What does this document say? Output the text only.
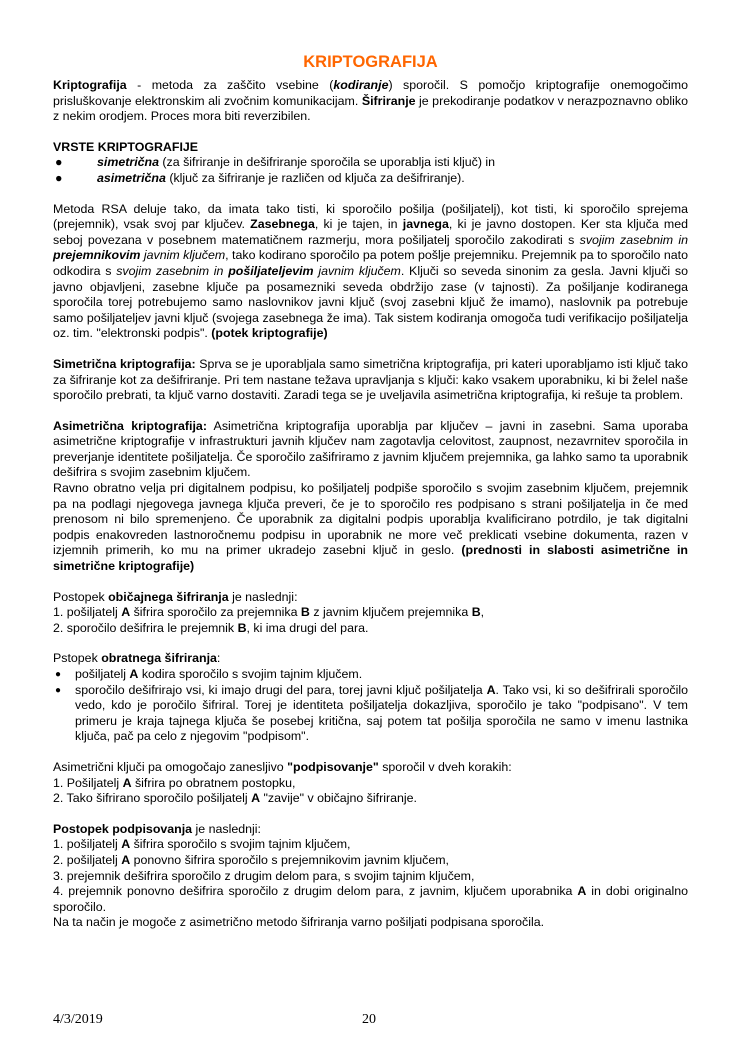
KRIPTOGRAFIJA

Kriptografija - metoda za zaščito vsebine (kodiranje) sporočil. S pomočjo kriptografije onemogočimo prisluškovanje elektronskim ali zvočnim komunikacijam. Šifriranje je prekodiranje podatkov v nerazpoznavno obliko z nekim orodjem. Proces mora biti reverzibilen.

VRSTE KRIPTOGRAFIJE
●	simetrična (za šifriranje in dešifriranje sporočila se uporablja isti ključ) in
●	asimetrična (ključ za šifriranje je različen od ključa za dešifriranje).

Metoda RSA deluje tako, da imata tako tisti, ki sporočilo pošilja (pošiljatelj), kot tisti, ki sporočilo sprejema (prejemnik), vsak svoj par ključev. Zasebnega, ki je tajen, in javnega, ki je javno dostopen. Ker sta ključa med seboj povezana v posebnem matematičnem razmerju, mora pošiljatelj sporočilo zakodirati s svojim zasebnim in prejemnikovim javnim ključem, tako kodirano sporočilo pa potem pošlje prejemniku. Prejemnik pa to sporočilo nato odkodira s svojim zasebnim in pošiljateljevim javnim ključem. Ključi so seveda sinonim za gesla. Javni ključi so javno objavljeni, zasebne ključe pa posamezniki seveda obdržijo zase (v tajnosti). Za pošiljanje kodiranega sporočila torej potrebujemo samo naslovnikov javni ključ (svoj zasebni ključ že imamo), naslovnik pa potrebuje samo pošiljateljev javni ključ (svojega zasebnega že ima). Tak sistem kodiranja omogoča tudi verifikacijo pošiljatelja oz. tim. "elektronski podpis". (potek kriptografije)

Simetrična kriptografija: Sprva se je uporabljala samo simetrična kriptografija, pri kateri uporabljamo isti ključ tako za šifriranje kot za dešifriranje. Pri tem nastane težava upravljanja s ključi: kako vsakem uporabniku, ki bi želel naše sporočilo prebrati, ta ključ varno dostaviti. Zaradi tega se je uveljavila asimetrična kriptografija, ki rešuje ta problem.

Asimetrična kriptografija: Asimetrična kriptografija uporablja par ključev – javni in zasebni. Sama uporaba asimetrične kriptografije v infrastrukturi javnih ključev nam zagotavlja celovitost, zaupnost, nezavrnitev sporočila in preverjanje identitete pošiljatelja. Če sporočilo zašifriramo z javnim ključem prejemnika, ga lahko samo ta uporabnik dešifrira s svojim zasebnim ključem.

Ravno obratno velja pri digitalnem podpisu, ko pošiljatelj podpiše sporočilo s svojim zasebnim ključem, prejemnik pa na podlagi njegovega javnega ključa preveri, če je to sporočilo res podpisano s strani pošiljatelja in če med prenosom ni bilo spremenjeno. Če uporabnik za digitalni podpis uporablja kvalificirano potrdilo, je tak digitalni podpis enakovreden lastnoročnemu podpisu in uporabnik ne more več preklicati vsebine dokumenta, razen v izjemnih primerih, ko mu na primer ukradejo zasebni ključ in geslo. (prednosti in slabosti asimetrične in simetrične kriptografije)

Postopek običajnega šifriranja je naslednji:
1. pošiljatelj A šifrira sporočilo za prejemnika B z javnim ključem prejemnika B,
2. sporočilo dešifrira le prejemnik B, ki ima drugi del para.
Pstopek obratnega šifriranja:
● pošiljatelj A kodira sporočilo s svojim tajnim ključem.
● sporočilo dešifrirajo vsi, ki imajo drugi del para, torej javni ključ pošiljatelja A. Tako vsi, ki so dešifrirali sporočilo vedo, kdo je poročilo šifriral. Torej je identiteta pošiljatelja dokazljiva, sporočilo je tako "podpisano". V tem primeru je kraja tajnega ključa še posebej kritična, saj potem tat pošilja sporočila ne samo v imenu lastnika ključa, pač pa celo z njegovim "podpisom".
Asimetrični ključi pa omogočajo zanesljivo "podpisovanje" sporočil v dveh korakih:
1. Pošiljatelj A šifrira po obratnem postopku,
2. Tako šifrirano sporočilo pošiljatelj A "zavije" v običajno šifriranje.
Postopek podpisovanja je naslednji:
1. pošiljatelj A šifrira sporočilo s svojim tajnim ključem,
2. pošiljatelj A ponovno šifrira sporočilo s prejemnikovim javnim ključem,
3. prejemnik dešifrira sporočilo z drugim delom para, s svojim tajnim ključem,

4. prejemnik ponovno dešifrira sporočilo z drugim delom para, z javnim, ključem uporabnika A in dobi originalno sporočilo.

Na ta način je mogoče z asimetrično metodo šifriranja varno pošiljati podpisana sporočila.
4/3/2019	20
